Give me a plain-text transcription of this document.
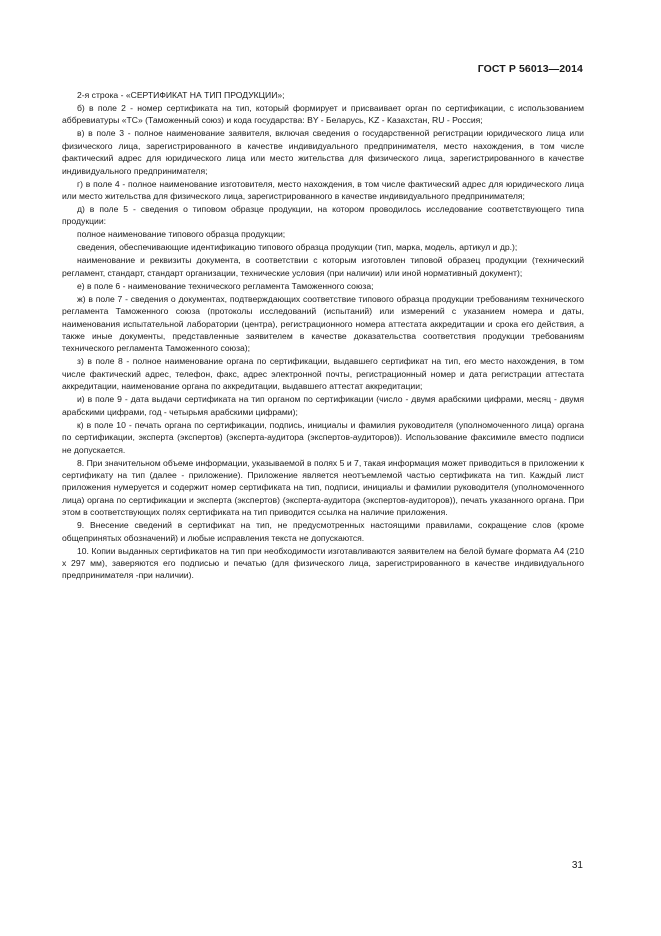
ГОСТ Р 56013—2014

2-я строка - «СЕРТИФИКАТ НА ТИП ПРОДУКЦИИ»;

б) в поле 2 - номер сертификата на тип, который формирует и присваивает орган по сертификации, с использованием аббревиатуры «ТС» (Таможенный союз) и кода государства: BY - Беларусь, KZ - Казахстан, RU - Россия;

в) в поле 3 - полное наименование заявителя, включая сведения о государственной регистрации юридического лица или физического лица, зарегистрированного в качестве индивидуального предпринимателя, место нахождения, в том числе фактический адрес для юридического лица или место жительства для физического лица, зарегистрированного в качестве индивидуального предпринимателя;

г) в поле 4 - полное наименование изготовителя, место нахождения, в том числе фактический адрес для юридического лица или место жительства для физического лица, зарегистрированного в качестве индивидуального предпринимателя;

д) в поле 5 - сведения о типовом образце продукции, на котором проводилось исследование соответствующего типа продукции:

полное наименование типового образца продукции;

сведения, обеспечивающие идентификацию типового образца продукции (тип, марка, модель, артикул и др.);

наименование и реквизиты документа, в соответствии с которым изготовлен типовой образец продукции (технический регламент, стандарт, стандарт организации, технические условия (при наличии) или иной нормативный документ);

е) в поле 6 - наименование технического регламента Таможенного союза;

ж) в поле 7 - сведения о документах, подтверждающих соответствие типового образца продукции требованиям технического регламента Таможенного союза (протоколы исследований (испытаний) или измерений с указанием номера и даты, наименования испытательной лаборатории (центра), регистрационного номера аттестата аккредитации и срока его действия, а также иные документы, представленные заявителем в качестве доказательства соответствия продукции требованиям технического регламента Таможенного союза);

з) в поле 8 - полное наименование органа по сертификации, выдавшего сертификат на тип, его место нахождения, в том числе фактический адрес, телефон, факс, адрес электронной почты, регистрационный номер и дата регистрации аттестата аккредитации, наименование органа по аккредитации, выдавшего аттестат аккредитации;

и) в поле 9 - дата выдачи сертификата на тип органом по сертификации (число - двумя арабскими цифрами, месяц - двумя арабскими цифрами, год - четырьмя арабскими цифрами);

к) в поле 10 - печать органа по сертификации, подпись, инициалы и фамилия руководителя (уполномоченного лица) органа по сертификации, эксперта (экспертов) (эксперта-аудитора (экспертов-аудиторов)). Использование факсимиле вместо подписи не допускается.

8. При значительном объеме информации, указываемой в полях 5 и 7, такая информация может приводиться в приложении к сертификату на тип (далее - приложение). Приложение является неотъемлемой частью сертификата на тип. Каждый лист приложения нумеруется и содержит номер сертификата на тип, подписи, инициалы и фамилии руководителя (уполномоченного лица) органа по сертификации и эксперта (экспертов) (эксперта-аудитора (экспертов-аудиторов)), печать указанного органа. При этом в соответствующих полях сертификата на тип приводится ссылка на наличие приложения.

9. Внесение сведений в сертификат на тип, не предусмотренных настоящими правилами, сокращение слов (кроме общепринятых обозначений) и любые исправления текста не допускаются.

10. Копии выданных сертификатов на тип при необходимости изготавливаются заявителем на белой бумаге формата А4 (210 х 297 мм), заверяются его подписью и печатью (для физического лица, зарегистрированного в качестве индивидуального предпринимателя -при наличии).

31
